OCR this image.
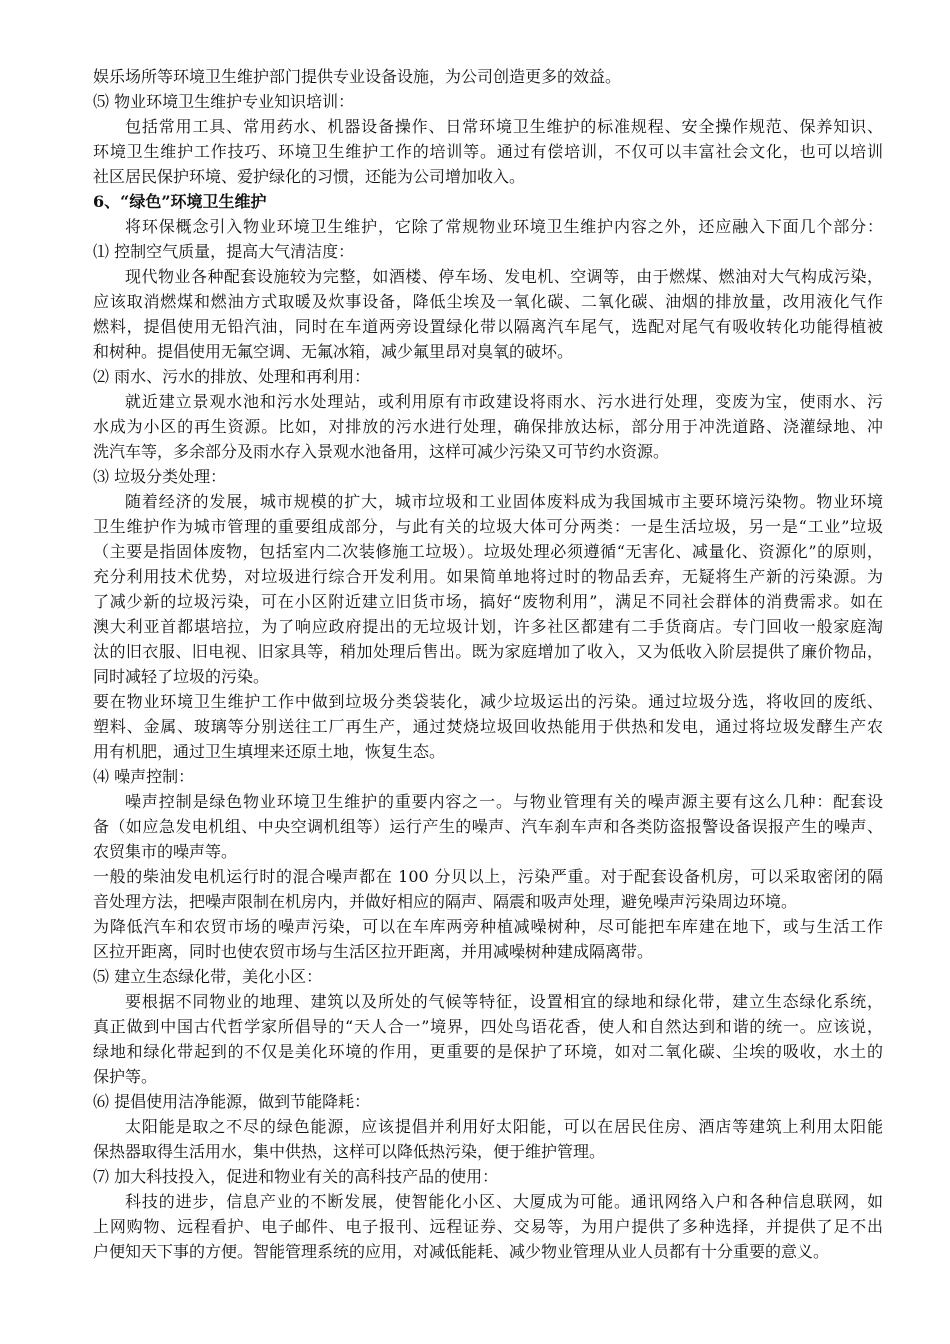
娱乐场所等环境卫生维护部门提供专业设备设施，为公司创造更多的效益。
⑸ 物业环境卫生维护专业知识培训：
包括常用工具、常用药水、机器设备操作、日常环境卫生维护的标准规程、安全操作规范、保养知识、
环境卫生维护工作技巧、环境卫生维护工作的培训等。通过有偿培训，不仅可以丰富社会文化，也可以培训
社区居民保护环境、爱护绿化的习惯，还能为公司增加收入。
6、“绿色”环境卫生维护
将环保概念引入物业环境卫生维护，它除了常规物业环境卫生维护内容之外，还应融入下面几个部分：
⑴ 控制空气质量，提高大气清洁度：
现代物业各种配套设施较为完整，如酒楼、停车场、发电机、空调等，由于燃煤、燃油对大气构成污染，
应该取消燃煤和燃油方式取暖及炊事设备，降低尘埃及一氧化碳、二氧化碳、油烟的排放量，改用液化气作
燃料，提倡使用无铅汽油，同时在车道两旁设置绿化带以隔离汽车尾气，选配对尾气有吸收转化功能得植被
和树种。提倡使用无氟空调、无氟冰箱，减少氟里昂对臭氧的破坏。
⑵ 雨水、污水的排放、处理和再利用：
就近建立景观水池和污水处理站，或利用原有市政建设将雨水、污水进行处理，变废为宝，使雨水、污
水成为小区的再生资源。比如，对排放的污水进行处理，确保排放达标，部分用于冲洗道路、浇灌绿地、冲
洗汽车等，多余部分及雨水存入景观水池备用，这样可减少污染又可节约水资源。
⑶ 垃圾分类处理：
随着经济的发展，城市规模的扩大，城市垃圾和工业固体废料成为我国城市主要环境污染物。物业环境
卫生维护作为城市管理的重要组成部分，与此有关的垃圾大体可分两类：一是生活垃圾，另一是“工业”垃圾
（主要是指固体废物，包括室内二次装修施工垃圾）。垃圾处理必须遵循“无害化、减量化、资源化”的原则，
充分利用技术优势，对垃圾进行综合开发利用。如果简单地将过时的物品丢弃，无疑将生产新的污染源。为
了减少新的垃圾污染，可在小区附近建立旧货市场，搞好“废物利用”，满足不同社会群体的消费需求。如在
澳大利亚首都堪培拉，为了响应政府提出的无垃圾计划，许多社区都建有二手货商店。专门回收一般家庭淘
汰的旧衣服、旧电视、旧家具等，稍加处理后售出。既为家庭增加了收入，又为低收入阶层提供了廉价物品，
同时减轻了垃圾的污染。
要在物业环境卫生维护工作中做到垃圾分类袋装化，减少垃圾运出的污染。通过垃圾分选，将收回的废纸、
塑料、金属、玻璃等分别送往工厂再生产，通过焚烧垃圾回收热能用于供热和发电，通过将垃圾发酵生产农
用有机肥，通过卫生填埋来还原土地，恢复生态。
⑷ 噪声控制：
噪声控制是绿色物业环境卫生维护的重要内容之一。与物业管理有关的噪声源主要有这么几种：配套设
备（如应急发电机组、中央空调机组等）运行产生的噪声、汽车刹车声和各类防盗报警设备误报产生的噪声、
农贸集市的噪声等。
一般的柴油发电机运行时的混合噪声都在 100 分贝以上，污染严重。对于配套设备机房，可以采取密闭的隔
音处理方法，把噪声限制在机房内，并做好相应的隔声、隔震和吸声处理，避免噪声污染周边环境。
为降低汽车和农贸市场的噪声污染，可以在车库两旁种植减噪树种，尽可能把车库建在地下，或与生活工作
区拉开距离，同时也使农贸市场与生活区拉开距离，并用减噪树种建成隔离带。
⑸ 建立生态绿化带，美化小区：
要根据不同物业的地理、建筑以及所处的气候等特征，设置相宜的绿地和绿化带，建立生态绿化系统，
真正做到中国古代哲学家所倡导的“天人合一”境界，四处鸟语花香，使人和自然达到和谐的统一。应该说，
绿地和绿化带起到的不仅是美化环境的作用，更重要的是保护了环境，如对二氧化碳、尘埃的吸收，水土的
保护等。
⑹ 提倡使用洁净能源，做到节能降耗：
太阳能是取之不尽的绿色能源，应该提倡并利用好太阳能，可以在居民住房、酒店等建筑上利用太阳能
保热器取得生活用水，集中供热，这样可以降低热污染，便于维护管理。
⑺ 加大科技投入，促进和物业有关的高科技产品的使用：
科技的进步，信息产业的不断发展，使智能化小区、大厦成为可能。通讯网络入户和各种信息联网，如
上网购物、远程看护、电子邮件、电子报刊、远程证券、交易等，为用户提供了多种选择，并提供了足不出
户便知天下事的方便。智能管理系统的应用，对减低能耗、减少物业管理从业人员都有十分重要的意义。
